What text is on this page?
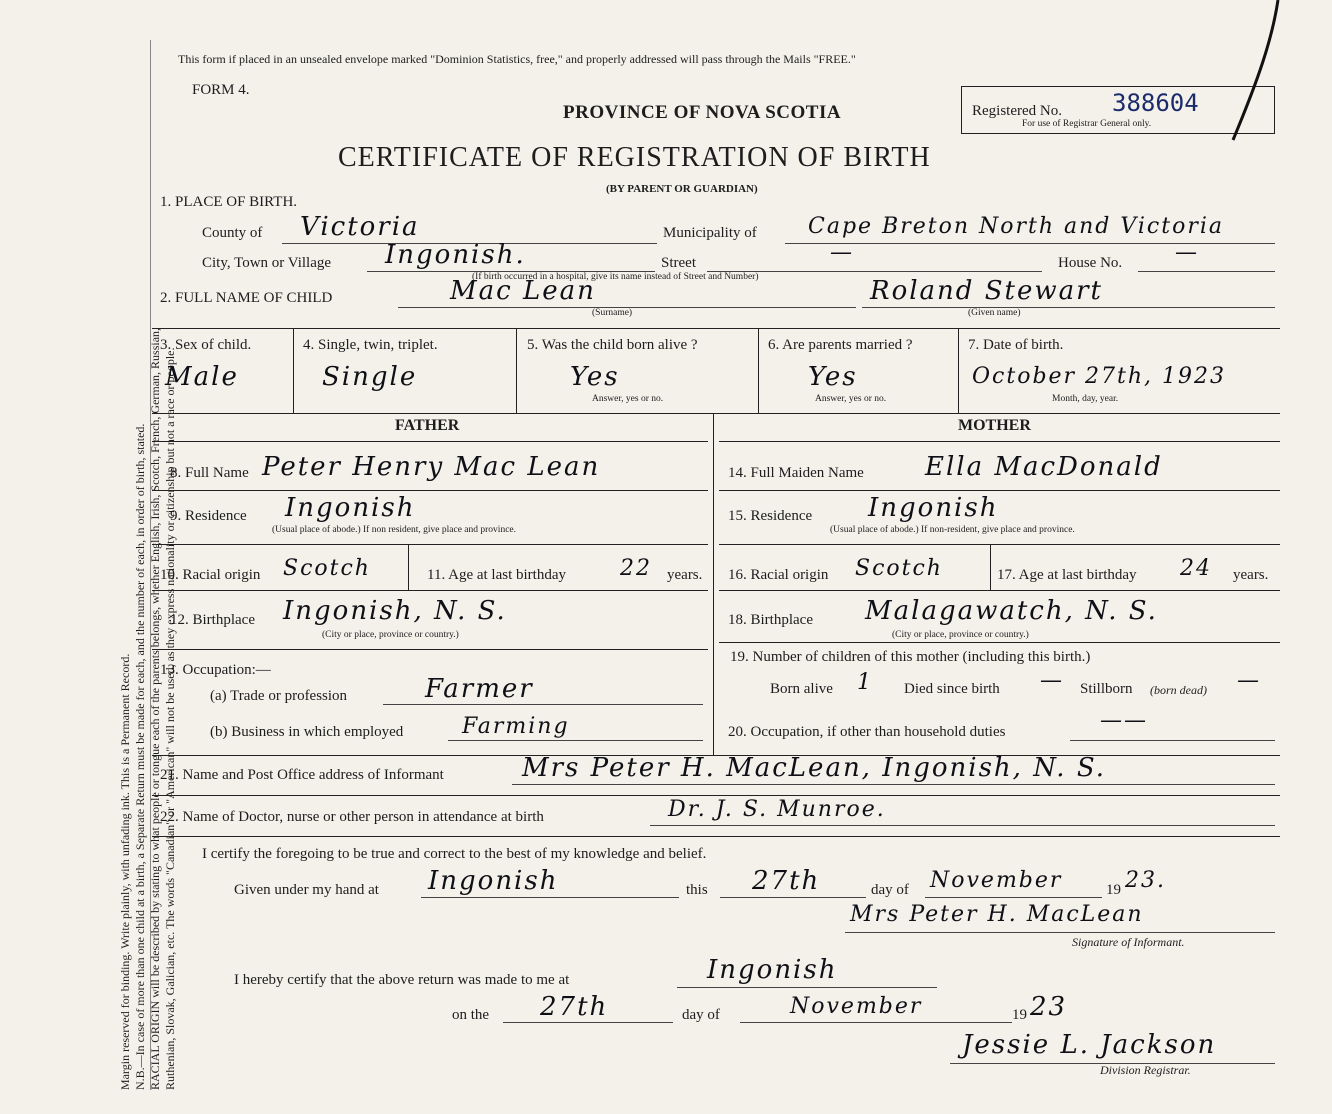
Margin reserved for binding. Write plainly, with unfading ink. This is a Permanent Record. N.B.—In case of more than one child at a birth, a Separate Return must be made for each, and the number of each, in order of birth, stated. RACIAL ORIGIN will be described by stating to what people or tongue each of the parents belongs, whether English, Irish, Scotch, French, German, Russian, Ruthenian, Slovak, Galician, etc. The words "Canadian" or "American" will not be used, as they express nationality or citizenship but not a race or people.
This form if placed in an unsealed envelope marked "Dominion Statistics, free," and properly addressed will pass through the Mails "FREE."
FORM 4.
PROVINCE OF NOVA SCOTIA
CERTIFICATE OF REGISTRATION OF BIRTH
(BY PARENT OR GUARDIAN)
Registered No. 388604
For use of Registrar General only.
1. PLACE OF BIRTH.
County of Victoria	Municipality of Cape Breton North and Victoria
City, Town or Village Ingonish.	Street	—	House No. —
(If birth occurred in a hospital, give its name instead of Street and Number)
2. FULL NAME OF CHILD	Mac Lean
(Surname)
Roland Stewart
(Given name)
3. Sex of child.
Male
4. Single, twin, triplet.
Single
5. Was the child born alive ?
Yes
Answer, yes or no.
6. Are parents married ?
Yes
Answer, yes or no.
7. Date of birth.
October 27th, 1923
Month, day, year.
FATHER	MOTHER
8. Full Name Peter Henry Mac Lean
9. Residence Ingonish
(Usual place of abode.) If non resident, give place and province.
10. Racial origin Scotch	11. Age at last birthday 22 years.
12. Birthplace Ingonish, N. S.
(City or place, province or country.)
13. Occupation:—
(a) Trade or profession	Farmer
(b) Business in which employed	Farming
14. Full Maiden Name Ella MacDonald
15. Residence Ingonish
(Usual place of abode.) If non-resident, give place and province.
16. Racial origin Scotch	17. Age at last birthday 24 years.
18. Birthplace Malagawatch, N. S.
(City or place, province or country.)
19. Number of children of this mother (including this birth.)
Born alive 1 Died since birth — Stillborn (born dead) —
20. Occupation, if other than household duties	——
21. Name and Post Office address of Informant	Mrs Peter H. MacLean, Ingonish, N. S.
22. Name of Doctor, nurse or other person in attendance at birth	Dr. J. S. Munroe.
I certify the foregoing to be true and correct to the best of my knowledge and belief.
Given under my hand at Ingonish	this 27th	day of November	19 23.
Mrs Peter H. MacLean
Signature of Informant.
I hereby certify that the above return was made to me at	Ingonish
on the 27th	day of	November	19 23
Jessie L. Jackson
Division Registrar.
